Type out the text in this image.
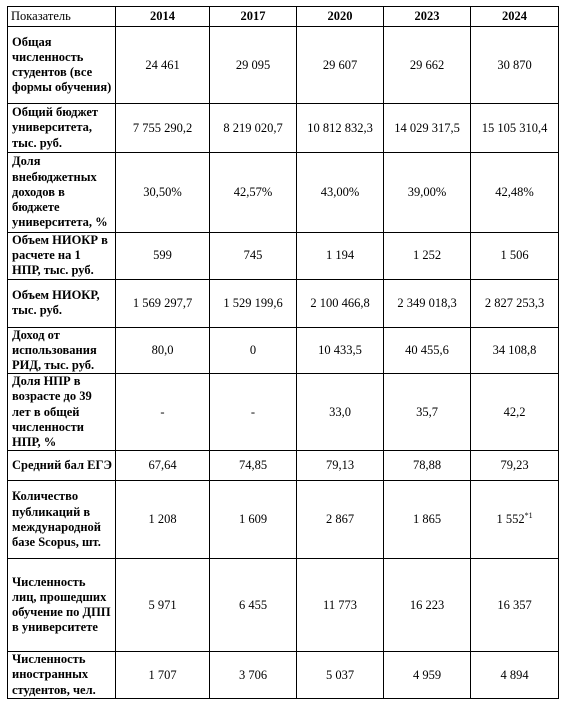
Показатель	2014	2017	2020	2023	2024
Общая численность студентов (все формы обучения)	24 461	29 095	29 607	29 662	30 870
Общий бюджет университета, тыс. руб.	7 755 290,2	8 219 020,7	10 812 832,3	14 029 317,5	15 105 310,4
Доля внебюджетных доходов в бюджете университета, %	30,50%	42,57%	43,00%	39,00%	42,48%
Объем НИОКР в расчете на 1 НПР, тыс. руб.	599	745	1 194	1 252	1 506
Объем НИОКР, тыс. руб.	1 569 297,7	1 529 199,6	2 100 466,8	2 349 018,3	2 827 253,3
Доход от использования РИД, тыс. руб.	80,0	0	10 433,5	40 455,6	34 108,8
Доля НПР в возрасте до 39 лет в общей численности НПР, %	-	-	33,0	35,7	42,2
Средний бал ЕГЭ	67,64	74,85	79,13	78,88	79,23
Количество публикаций в международной базе Scopus, шт.	1 208	1 609	2 867	1 865	1 552$^{*1}$
Численность лиц, прошедших обучение по ДПП в университете	5 971	6 455	11 773	16 223	16 357
Численность иностранных студентов, чел.	1 707	3 706	5 037	4 959	4 894
